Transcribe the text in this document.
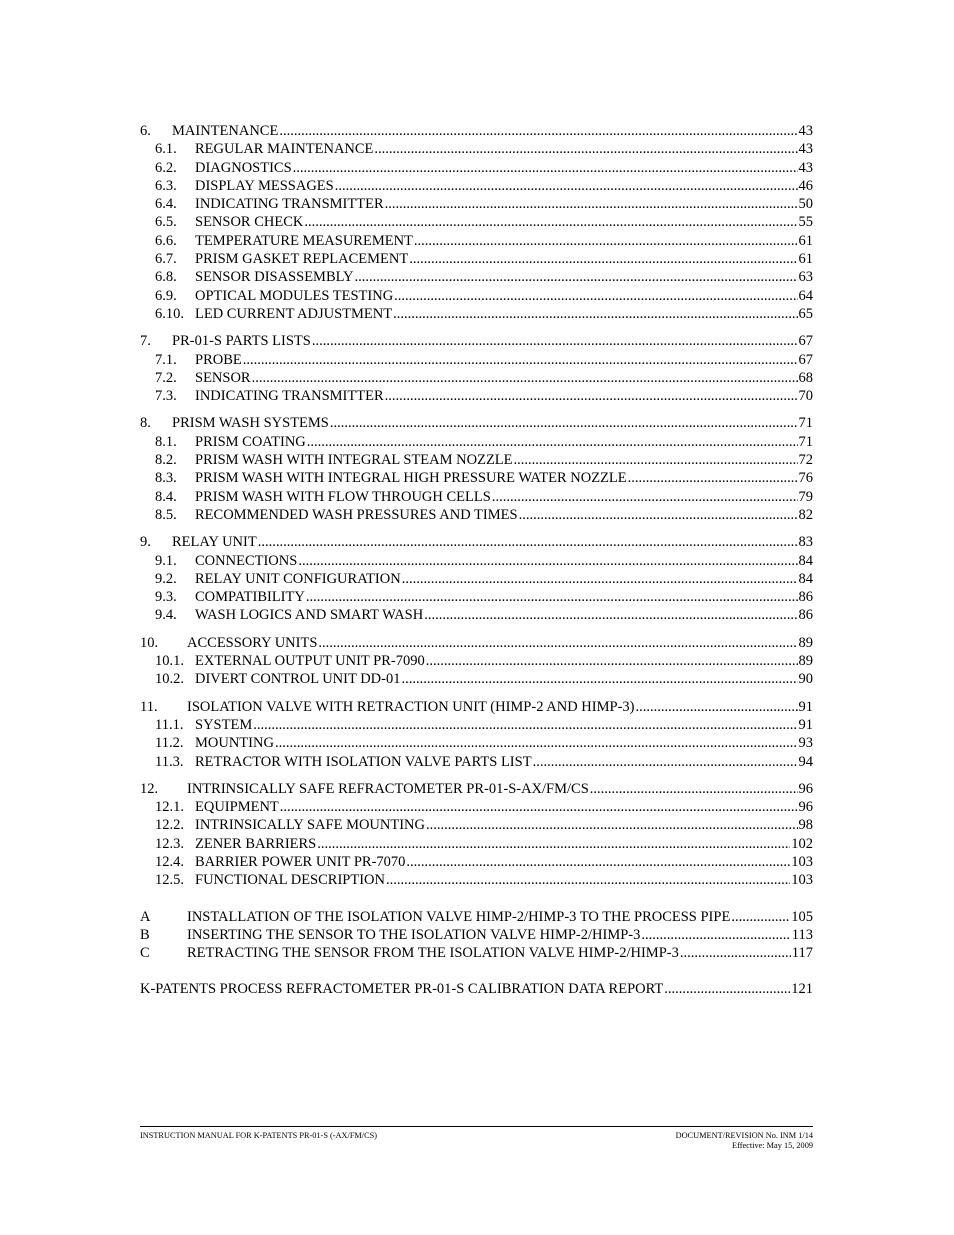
6.	MAINTENANCE .....	43
6.1.	REGULAR MAINTENANCE .....	43
6.2.	DIAGNOSTICS .....	43
6.3.	DISPLAY MESSAGES .....	46
6.4.	INDICATING TRANSMITTER .....	50
6.5.	SENSOR CHECK .....	55
6.6.	TEMPERATURE MEASUREMENT .....	61
6.7.	PRISM GASKET REPLACEMENT .....	61
6.8.	SENSOR DISASSEMBLY .....	63
6.9.	OPTICAL MODULES TESTING .....	64
6.10. LED CURRENT ADJUSTMENT .....	65
7.	PR-01-S PARTS LISTS .....	67
7.1.	PROBE .....	67
7.2.	SENSOR .....	68
7.3.	INDICATING TRANSMITTER .....	70
8.	PRISM WASH SYSTEMS .....	71
8.1.	PRISM COATING .....	71
8.2.	PRISM WASH WITH INTEGRAL STEAM NOZZLE .....	72
8.3.	PRISM WASH WITH INTEGRAL HIGH PRESSURE WATER NOZZLE .....	76
8.4.	PRISM WASH WITH FLOW THROUGH CELLS .....	79
8.5.	RECOMMENDED WASH PRESSURES AND TIMES .....	82
9.	RELAY UNIT .....	83
9.1.	CONNECTIONS .....	84
9.2.	RELAY UNIT CONFIGURATION .....	84
9.3.	COMPATIBILITY .....	86
9.4.	WASH LOGICS AND SMART WASH .....	86
10.	ACCESSORY UNITS .....	89
10.1. EXTERNAL OUTPUT UNIT PR-7090 .....	89
10.2. DIVERT CONTROL UNIT DD-01 .....	90
11.	ISOLATION VALVE WITH RETRACTION UNIT (HIMP-2 AND HIMP-3) .....	91
11.1. SYSTEM .....	91
11.2. MOUNTING .....	93
11.3. RETRACTOR WITH ISOLATION VALVE PARTS LIST .....	94
12.	INTRINSICALLY SAFE REFRACTOMETER PR-01-S-AX/FM/CS .....	96
12.1. EQUIPMENT .....	96
12.2. INTRINSICALLY SAFE MOUNTING .....	98
12.3. ZENER BARRIERS .....	102
12.4. BARRIER POWER UNIT PR-7070 .....	103
12.5. FUNCTIONAL DESCRIPTION .....	103
A	INSTALLATION OF THE ISOLATION VALVE HIMP-2/HIMP-3 TO THE PROCESS PIPE .....	105
B	INSERTING THE SENSOR TO THE ISOLATION VALVE HIMP-2/HIMP-3 .....	113
C	RETRACTING THE SENSOR FROM THE ISOLATION VALVE HIMP-2/HIMP-3 .....	117
K-PATENTS PROCESS REFRACTOMETER PR-01-S CALIBRATION DATA REPORT .....	121
INSTRUCTION MANUAL FOR K-PATENTS PR-01-S (-AX/FM/CS)	DOCUMENT/REVISION No. INM 1/14
Effective: May 15, 2009
